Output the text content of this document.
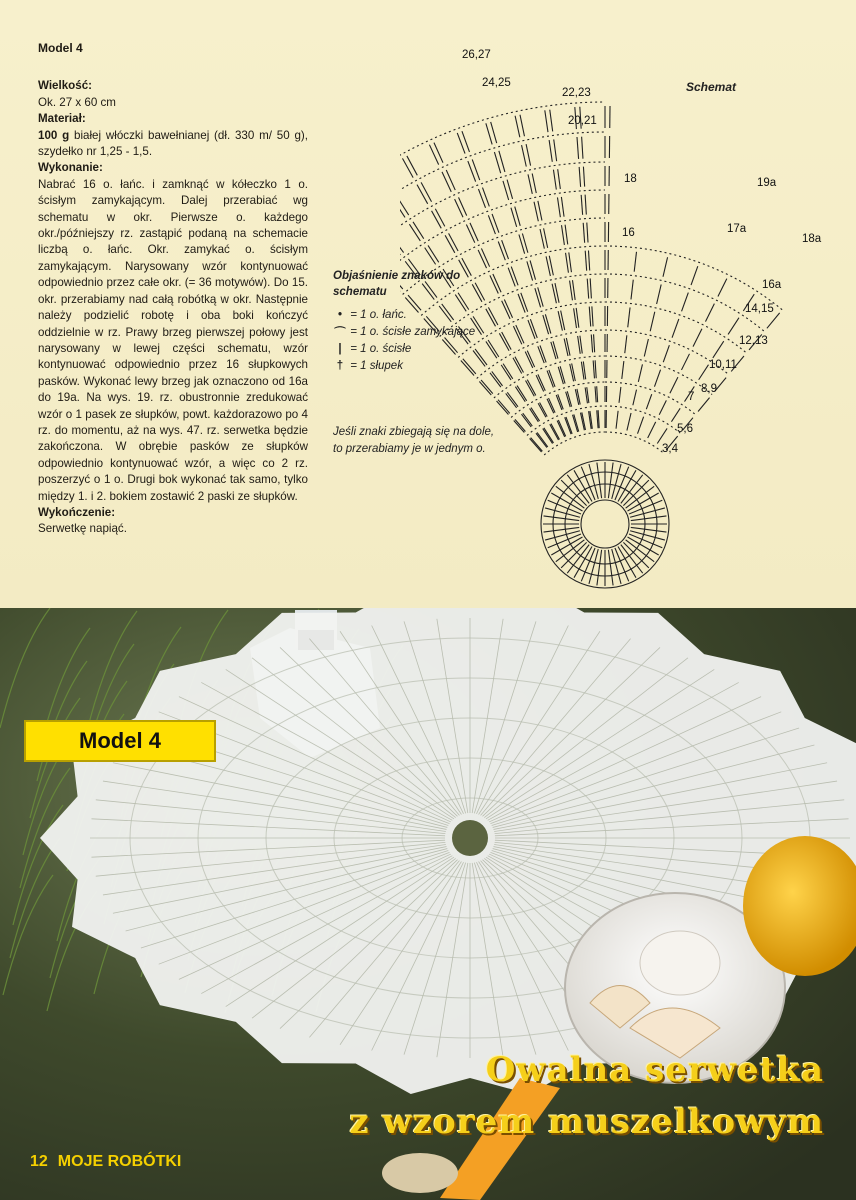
Model 4
Wielkość:
Ok. 27 x 60 cm
Materiał:
100 g białej włóczki bawełnianej (dł. 330 m/ 50 g), szydełko nr 1,25 - 1,5.
Wykonanie:
Nabrać 16 o. łańc. i zamknąć w kółeczko 1 o. ścisłym zamykającym. Dalej przerabiać wg schematu w okr. Pierwsze o. każdego okr./późniejszy rz. zastąpić podaną na schemacie liczbą o. łańc. Okr. zamykać o. ścisłym zamykającym. Narysowany wzór kontynuować odpowiednio przez całe okr. (= 36 motywów). Do 15. okr. przerabiamy nad całą robótką w okr. Następnie należy podzielić robotę i oba boki kończyć oddzielnie w rz. Prawy brzeg pierwszej połowy jest narysowany w lewej części schematu, wzór kontynuować odpowiednio przez 16 słupkowych pasków. Wykonać lewy brzeg jak oznaczono od 16a do 19a. Na wys. 19. rz. obustronnie zredukować wzór o 1 pasek ze słupków, powt. każdorazowo po 4 rz. do momentu, aż na wys. 47. rz. serwetka będzie zakończona. W obrębie pasków ze słupków odpowiednio kontynuować wzór, a więc co 2 rz. poszerzyć o 1 o. Drugi bok wykonać tak samo, tylko między 1. i 2. bokiem zostawić 2 paski ze słupków.
Wykończenie:
Serwetkę napiąć.
Schemat
Objaśnienie znaków do schematu
•
= 1 o. łańc.
⌒
= 1 o. ścisłe zamykające
|
= 1 o. ścisłe
†
= 1 słupek
Jeśli znaki zbiegają się na dole, to przerabiamy je w jednym o.
26,27
24,25
22,23
20,21
18
16
19a
18a
17a
16a
14,15
12,13
10,11
8,9
7
5,6
3,4
Model 4
Owalna serwetka
z wzorem muszelkowym
12 MOJE ROBÓTKI
